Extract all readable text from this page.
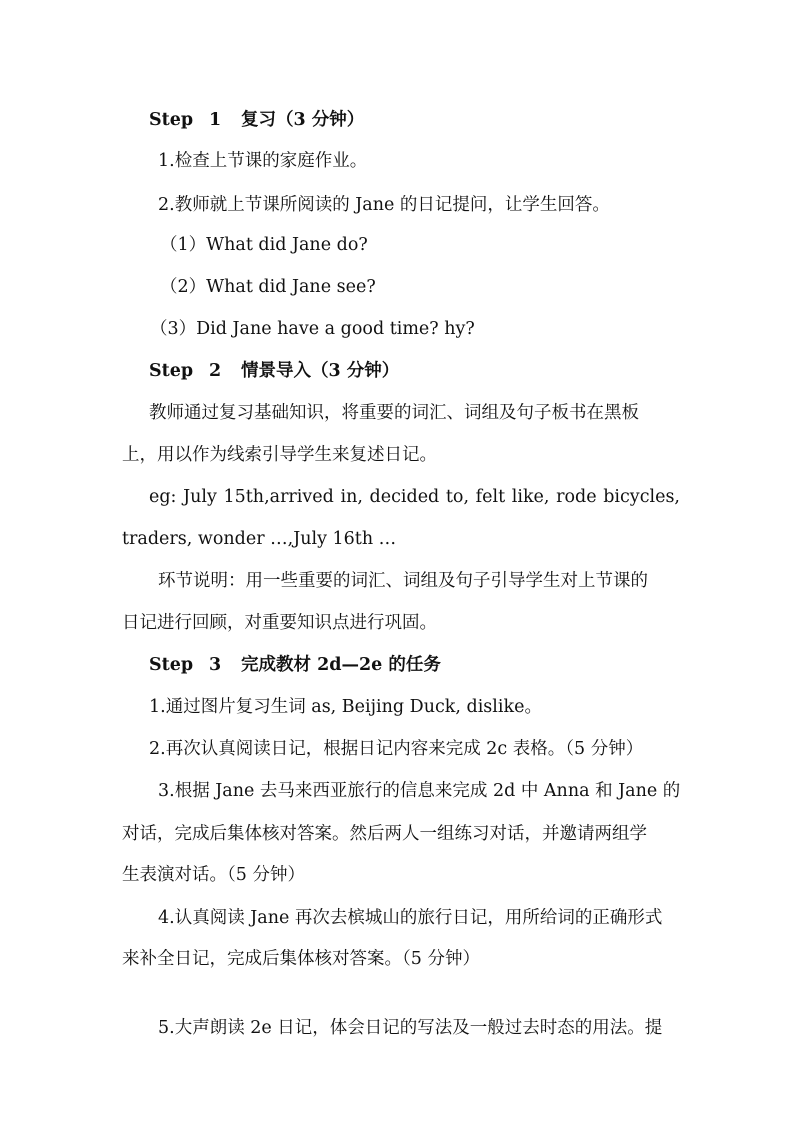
Step 1 复习（3 分钟）
1.检查上节课的家庭作业。
2.教师就上节课所阅读的 Jane 的日记提问，让学生回答。
（1）What did Jane do?
（2）What did Jane see?
（3）Did Jane have a good time? hy?
Step 2 情景导入（3 分钟）
教师通过复习基础知识，将重要的词汇、词组及句子板书在黑板
上，用以作为线索引导学生来复述日记。
eg: July 15th,arrived in, decided to, felt like, rode bicycles,
traders, wonder …,July 16th …
环节说明：用一些重要的词汇、词组及句子引导学生对上节课的
日记进行回顾，对重要知识点进行巩固。
Step 3 完成教材 2d—2e 的任务
1.通过图片复习生词 as, Beijing Duck, dislike。
2.再次认真阅读日记，根据日记内容来完成 2c 表格。（5 分钟）
3.根据 Jane 去马来西亚旅行的信息来完成 2d 中 Anna 和 Jane 的
对话，完成后集体核对答案。然后两人一组练习对话，并邀请两组学
生表演对话。（5 分钟）
4.认真阅读 Jane 再次去槟城山的旅行日记，用所给词的正确形式
来补全日记，完成后集体核对答案。（5 分钟）
5.大声朗读 2e 日记，体会日记的写法及一般过去时态的用法。提
